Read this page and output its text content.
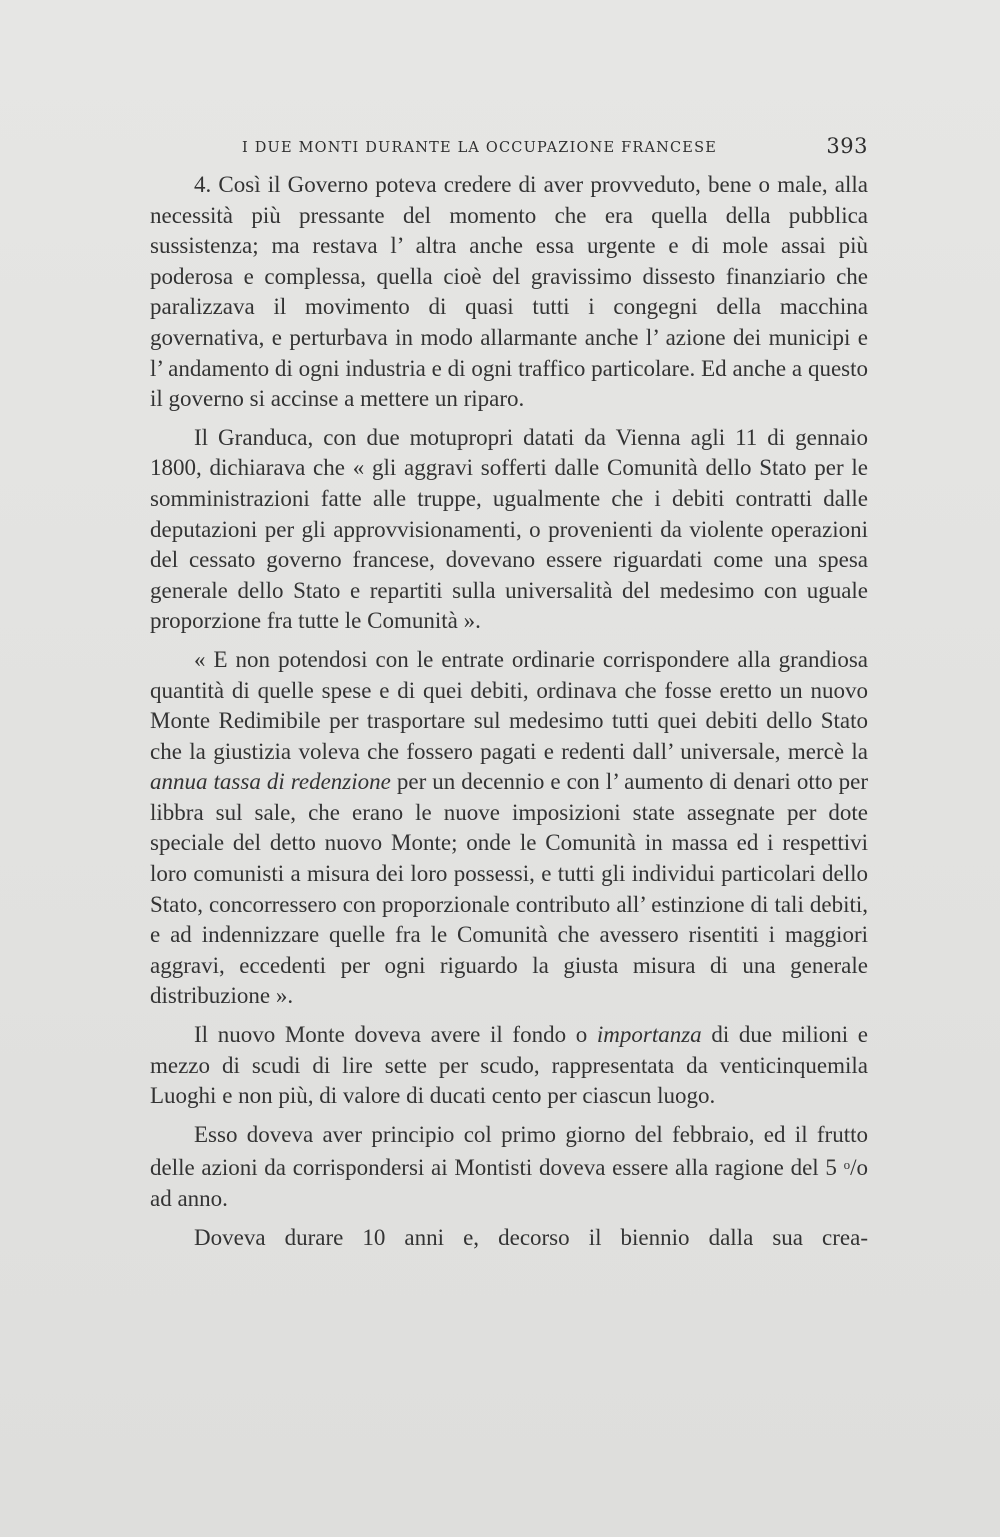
I DUE MONTI DURANTE LA OCCUPAZIONE FRANCESE	393

4. Così il Governo poteva credere di aver provveduto, bene o male, alla necessità più pressante del momento che era quella della pubblica sussistenza; ma restava l’ altra anche essa urgente e di mole assai più poderosa e complessa, quella cioè del gravissimo dissesto finanziario che paralizzava il movimento di quasi tutti i congegni della macchina governativa, e perturbava in modo allarmante anche l’ azione dei municipi e l’ andamento di ogni industria e di ogni traffico particolare. Ed anche a questo il governo si accinse a mettere un riparo.

Il Granduca, con due motupropri datati da Vienna agli 11 di gennaio 1800, dichiarava che « gli aggravi sofferti dalle Comunità dello Stato per le somministrazioni fatte alle truppe, ugualmente che i debiti contratti dalle deputazioni per gli approvvisionamenti, o provenienti da violente operazioni del cessato governo francese, dovevano essere riguardati come una spesa generale dello Stato e repartiti sulla universalità del medesimo con uguale proporzione fra tutte le Comunità ».

« E non potendosi con le entrate ordinarie corrispondere alla grandiosa quantità di quelle spese e di quei debiti, ordinava che fosse eretto un nuovo Monte Redimibile per trasportare sul medesimo tutti quei debiti dello Stato che la giustizia voleva che fossero pagati e redenti dall’ universale, mercè la annua tassa di redenzione per un decennio e con l’ aumento di denari otto per libbra sul sale, che erano le nuove imposizioni state assegnate per dote speciale del detto nuovo Monte; onde le Comunità in massa ed i respettivi loro comunisti a misura dei loro possessi, e tutti gli individui particolari dello Stato, concorressero con proporzionale contributo all’ estinzione di tali debiti, e ad indennizzare quelle fra le Comunità che avessero risentiti i maggiori aggravi, eccedenti per ogni riguardo la giusta misura di una generale distribuzione ».

Il nuovo Monte doveva avere il fondo o importanza di due milioni e mezzo di scudi di lire sette per scudo, rappresentata da venticinquemila Luoghi e non più, di valore di ducati cento per ciascun luogo.

Esso doveva aver principio col primo giorno del febbraio, ed il frutto delle azioni da corrispondersi ai Montisti doveva essere alla ragione del 5 $^o$/o ad anno.

Doveva durare 10 anni e, decorso il biennio dalla sua crea-
